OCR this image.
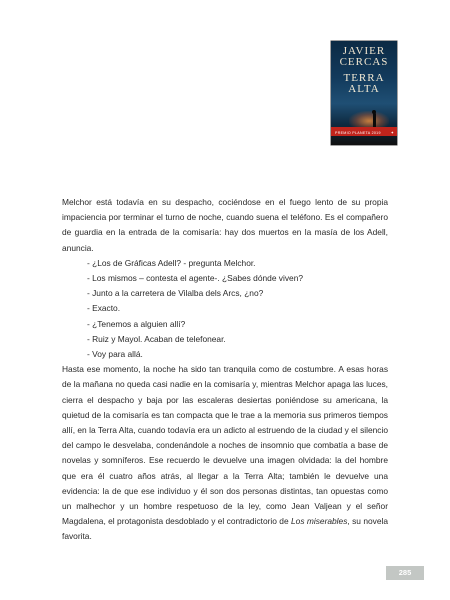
JAVIER
CERCAS
TERRA
ALTA
PREMIO PLANETA 2019 ✦

Melchor está todavía en su despacho, cociéndose en el fuego lento de su propia impaciencia por terminar el turno de noche, cuando suena el teléfono. Es el compañero de guardia en la entrada de la comisaría: hay dos muertos en la masía de los Adell, anuncia.

- ¿Los de Gráficas Adell? - pregunta Melchor.

- Los mismos – contesta el agente-. ¿Sabes dónde viven?

- Junto a la carretera de Vilalba dels Arcs, ¿no?

- Exacto.

- ¿Tenemos a alguien allí?

- Ruiz y Mayol. Acaban de telefonear.

- Voy para allá.

Hasta ese momento, la noche ha sido tan tranquila como de costumbre. A esas horas de la mañana no queda casi nadie en la comisaría y, mientras Melchor apaga las luces, cierra el despacho y baja por las escaleras desiertas poniéndose su americana, la quietud de la comisaría es tan compacta que le trae a la memoria sus primeros tiempos allí, en la Terra Alta, cuando todavía era un adicto al estruendo de la ciudad y el silencio del campo le desvelaba, condenándole a noches de insomnio que combatía a base de novelas y somníferos. Ese recuerdo le devuelve una imagen olvidada: la del hombre que era él cuatro años atrás, al llegar a la Terra Alta; también le devuelve una evidencia: la de que ese individuo y él son dos personas distintas, tan opuestas como un malhechor y un hombre respetuoso de la ley, como Jean Valjean y el señor Magdalena, el protagonista desdoblado y el contradictorio de Los miserables, su novela favorita.

285
